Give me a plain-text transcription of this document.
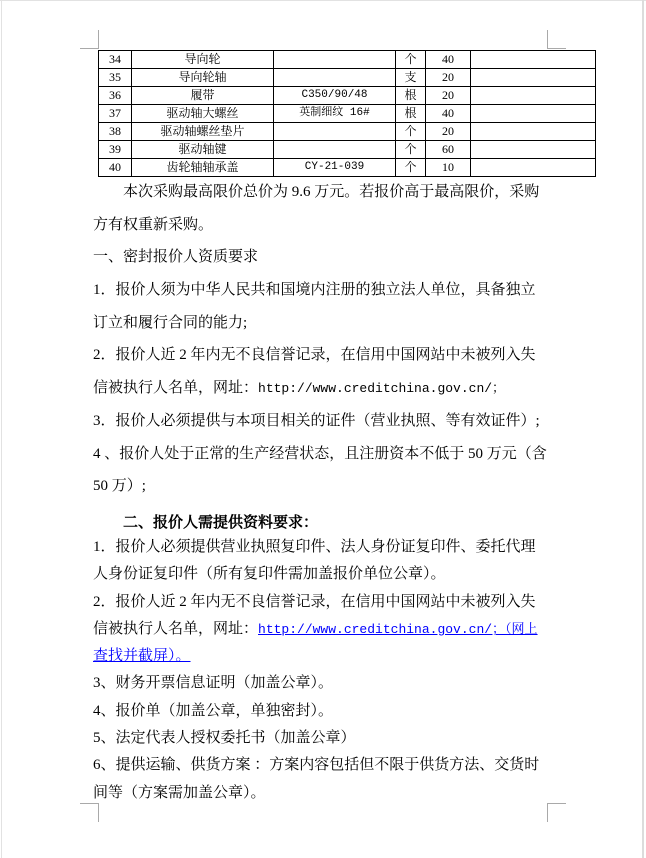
34	导向轮		个	40	
35	导向轮轴		支	20	
36	履带	C350/90/48	根	20	
37	驱动轴大螺丝	英制细纹 16#	根	40	
38	驱动轴螺丝垫片		个	20	
39	驱动轴键		个	60	
40	齿轮轴轴承盖	CY-21-039	个	10	
本次采购最高限价总价为 9.6 万元。若报价高于最高限价，采购
方有权重新采购。
一、密封报价人资质要求
1．报价人须为中华人民共和国境内注册的独立法人单位，具备独立
订立和履行合同的能力;
2．报价人近 2 年内无不良信誉记录，在信用中国网站中未被列入失
信被执行人名单，网址：http://www.creditchina.gov.cn/；
3．报价人必须提供与本项目相关的证件（营业执照、等有效证件）;
4 、报价人处于正常的生产经营状态，且注册资本不低于 50 万元（含
50 万）;
二、报价人需提供资料要求：
1．报价人必须提供营业执照复印件、法人身份证复印件、委托代理
人身份证复印件（所有复印件需加盖报价单位公章）。
2．报价人近 2 年内无不良信誉记录，在信用中国网站中未被列入失
信被执行人名单，网址：http://www.creditchina.gov.cn/；（网上
查找并截屏）。
3、财务开票信息证明（加盖公章）。
4、报价单（加盖公章，单独密封）。
5、法定代表人授权委托书（加盖公章）
6、提供运输、供货方案 ：方案内容包括但不限于供货方法、交货时
间等（方案需加盖公章）。
